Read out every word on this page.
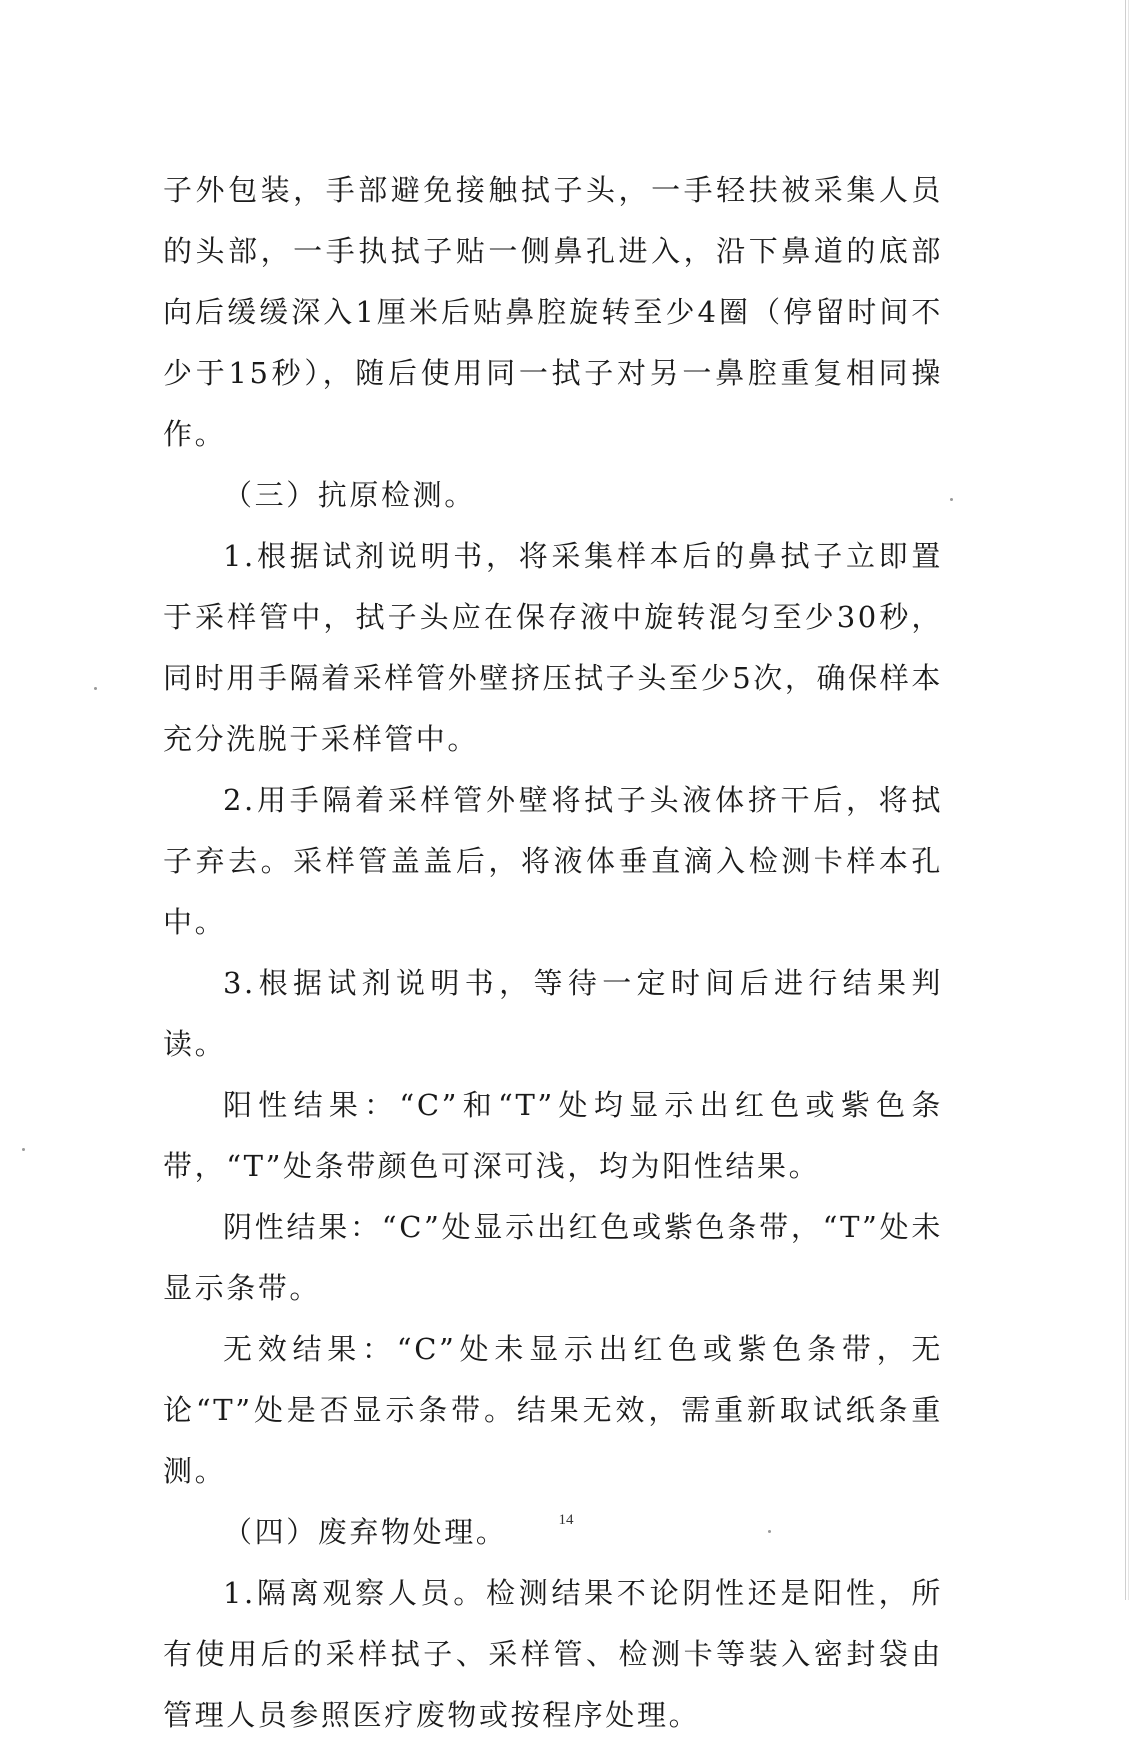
子外包装，手部避免接触拭子头，一手轻扶被采集人员的头部，一手执拭子贴一侧鼻孔进入，沿下鼻道的底部向后缓缓深入1厘米后贴鼻腔旋转至少4圈（停留时间不少于15秒），随后使用同一拭子对另一鼻腔重复相同操作。

（三）抗原检测。

1.根据试剂说明书，将采集样本后的鼻拭子立即置于采样管中，拭子头应在保存液中旋转混匀至少30秒，同时用手隔着采样管外壁挤压拭子头至少5次，确保样本充分洗脱于采样管中。

2.用手隔着采样管外壁将拭子头液体挤干后，将拭子弃去。采样管盖盖后，将液体垂直滴入检测卡样本孔中。

3.根据试剂说明书，等待一定时间后进行结果判读。

阳性结果：“C”和“T”处均显示出红色或紫色条带，“T”处条带颜色可深可浅，均为阳性结果。

阴性结果：“C”处显示出红色或紫色条带，“T”处未显示条带。

无效结果：“C”处未显示出红色或紫色条带，无论“T”处是否显示条带。结果无效，需重新取试纸条重测。

（四）废弃物处理。

1.隔离观察人员。检测结果不论阴性还是阳性，所有使用后的采样拭子、采样管、检测卡等装入密封袋由管理人员参照医疗废物或按程序处理。

14
